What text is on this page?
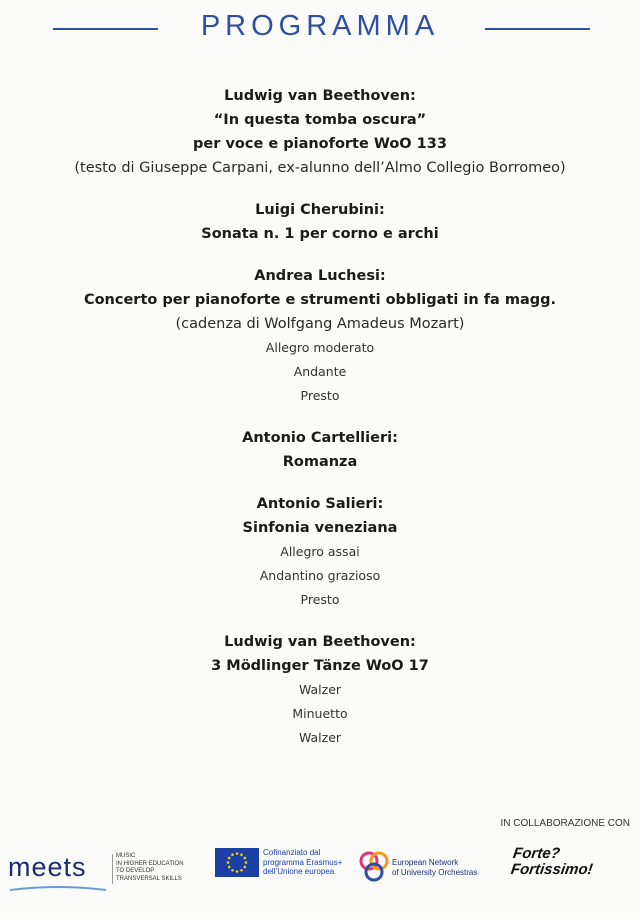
PROGRAMMA
Ludwig van Beethoven:
“In questa tomba oscura”
per voce e pianoforte WoO 133
(testo di Giuseppe Carpani, ex-alunno dell’Almo Collegio Borromeo)
Luigi Cherubini:
Sonata n. 1 per corno e archi
Andrea Luchesi:
Concerto per pianoforte e strumenti obbligati in fa magg.
(cadenza di Wolfgang Amadeus Mozart)
Allegro moderato
Andante
Presto
Antonio Cartellieri:
Romanza
Antonio Salieri:
Sinfonia veneziana
Allegro assai
Andantino grazioso
Presto
Ludwig van Beethoven:
3 Mödlinger Tänze WoO 17
Walzer
Minuetto
Walzer
IN COLLABORAZIONE CON
meets	MUSIC
IN HIGHER EDUCATION
TO DEVELOP
TRANSVERSAL SKILLS
Cofinanziato dal
programma Erasmus+
dell’Unione europea
European Network
of University Orchestras
Forte?
Fortissimo!
